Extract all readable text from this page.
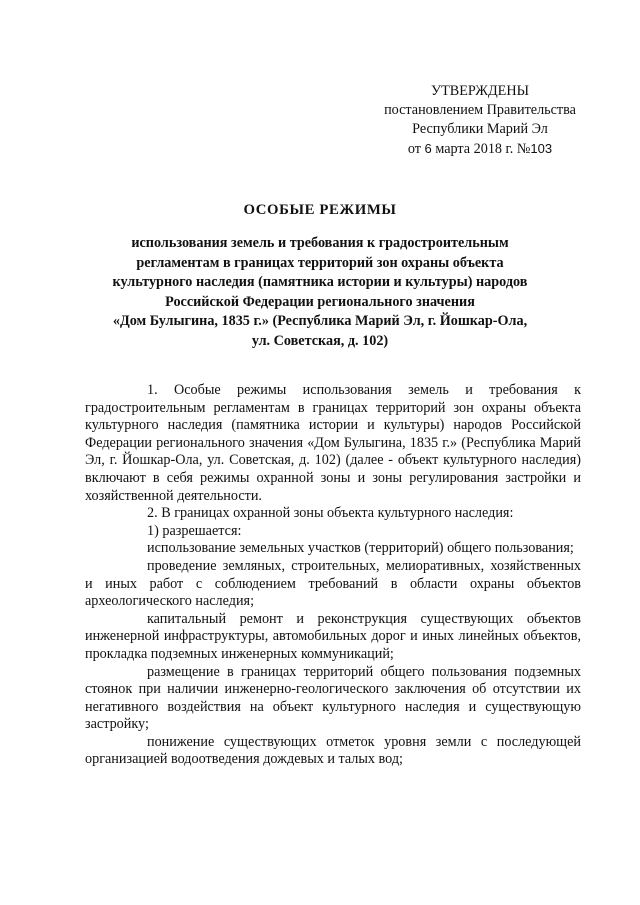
УТВЕРЖДЕНЫ
постановлением Правительства
Республики Марий Эл
от 6 марта 2018 г. №103
ОСОБЫЕ РЕЖИМЫ
использования земель и требования к градостроительным
регламентам в границах территорий зон охраны объекта
культурного наследия (памятника истории и культуры) народов
Российской Федерации регионального значения
«Дом Булыгина, 1835 г.» (Республика Марий Эл, г. Йошкар-Ола,
ул. Советская, д. 102)

1. Особые режимы использования земель и требования к градостроительным регламентам в границах территорий зон охраны объекта культурного наследия (памятника истории и культуры) народов Российской Федерации регионального значения «Дом Булыгина, 1835 г.» (Республика Марий Эл, г. Йошкар-Ола, ул. Советская, д. 102) (далее - объект культурного наследия) включают в себя режимы охранной зоны и зоны регулирования застройки и хозяйственной деятельности.

2. В границах охранной зоны объекта культурного наследия:

1) разрешается:

использование земельных участков (территорий) общего пользования;

проведение земляных, строительных, мелиоративных, хозяйственных и иных работ с соблюдением требований в области охраны объектов археологического наследия;

капитальный ремонт и реконструкция существующих объектов инженерной инфраструктуры, автомобильных дорог и иных линейных объектов, прокладка подземных инженерных коммуникаций;

размещение в границах территорий общего пользования подземных стоянок при наличии инженерно-геологического заключения об отсутствии их негативного воздействия на объект культурного наследия и существующую застройку;

понижение существующих отметок уровня земли с последующей организацией водоотведения дождевых и талых вод;
